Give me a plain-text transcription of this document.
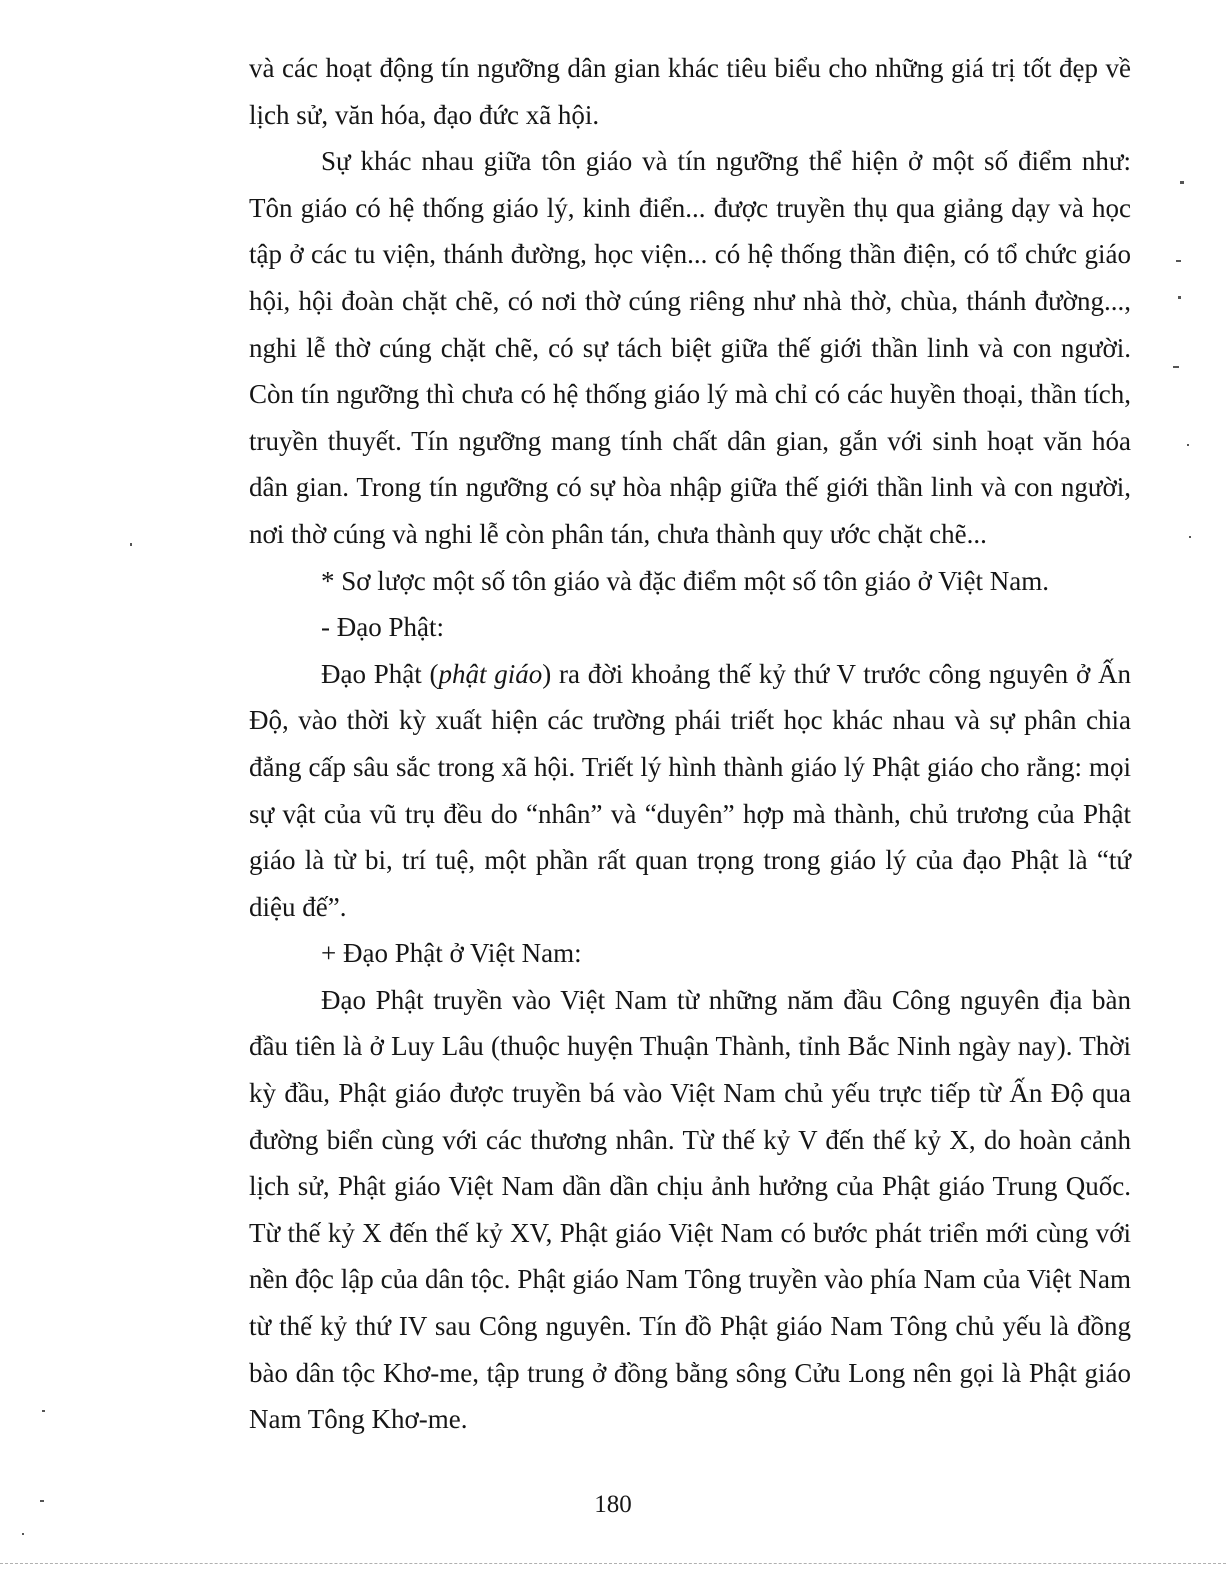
và các hoạt động tín ngưỡng dân gian khác tiêu biểu cho những giá trị tốt đẹp về lịch sử, văn hóa, đạo đức xã hội.

Sự khác nhau giữa tôn giáo và tín ngưỡng thể hiện ở một số điểm như: Tôn giáo có hệ thống giáo lý, kinh điển... được truyền thụ qua giảng dạy và học tập ở các tu viện, thánh đường, học viện... có hệ thống thần điện, có tổ chức giáo hội, hội đoàn chặt chẽ, có nơi thờ cúng riêng như nhà thờ, chùa, thánh đường..., nghi lễ thờ cúng chặt chẽ, có sự tách biệt giữa thế giới thần linh và con người. Còn tín ngưỡng thì chưa có hệ thống giáo lý mà chỉ có các huyền thoại, thần tích, truyền thuyết. Tín ngưỡng mang tính chất dân gian, gắn với sinh hoạt văn hóa dân gian. Trong tín ngưỡng có sự hòa nhập giữa thế giới thần linh và con người, nơi thờ cúng và nghi lễ còn phân tán, chưa thành quy ước chặt chẽ...

* Sơ lược một số tôn giáo và đặc điểm một số tôn giáo ở Việt Nam.

- Đạo Phật:

Đạo Phật (phật giáo) ra đời khoảng thế kỷ thứ V trước công nguyên ở Ấn Độ, vào thời kỳ xuất hiện các trường phái triết học khác nhau và sự phân chia đẳng cấp sâu sắc trong xã hội. Triết lý hình thành giáo lý Phật giáo cho rằng: mọi sự vật của vũ trụ đều do “nhân” và “duyên” hợp mà thành, chủ trương của Phật giáo là từ bi, trí tuệ, một phần rất quan trọng trong giáo lý của đạo Phật là “tứ diệu đế”.

+ Đạo Phật ở Việt Nam:

Đạo Phật truyền vào Việt Nam từ những năm đầu Công nguyên địa bàn đầu tiên là ở Luy Lâu (thuộc huyện Thuận Thành, tỉnh Bắc Ninh ngày nay). Thời kỳ đầu, Phật giáo được truyền bá vào Việt Nam chủ yếu trực tiếp từ Ấn Độ qua đường biển cùng với các thương nhân. Từ thế kỷ V đến thế kỷ X, do hoàn cảnh lịch sử, Phật giáo Việt Nam dần dần chịu ảnh hưởng của Phật giáo Trung Quốc. Từ thế kỷ X đến thế kỷ XV, Phật giáo Việt Nam có bước phát triển mới cùng với nền độc lập của dân tộc. Phật giáo Nam Tông truyền vào phía Nam của Việt Nam từ thế kỷ thứ IV sau Công nguyên. Tín đồ Phật giáo Nam Tông chủ yếu là đồng bào dân tộc Khơ-me, tập trung ở đồng bằng sông Cửu Long nên gọi là Phật giáo Nam Tông Khơ-me.

180
